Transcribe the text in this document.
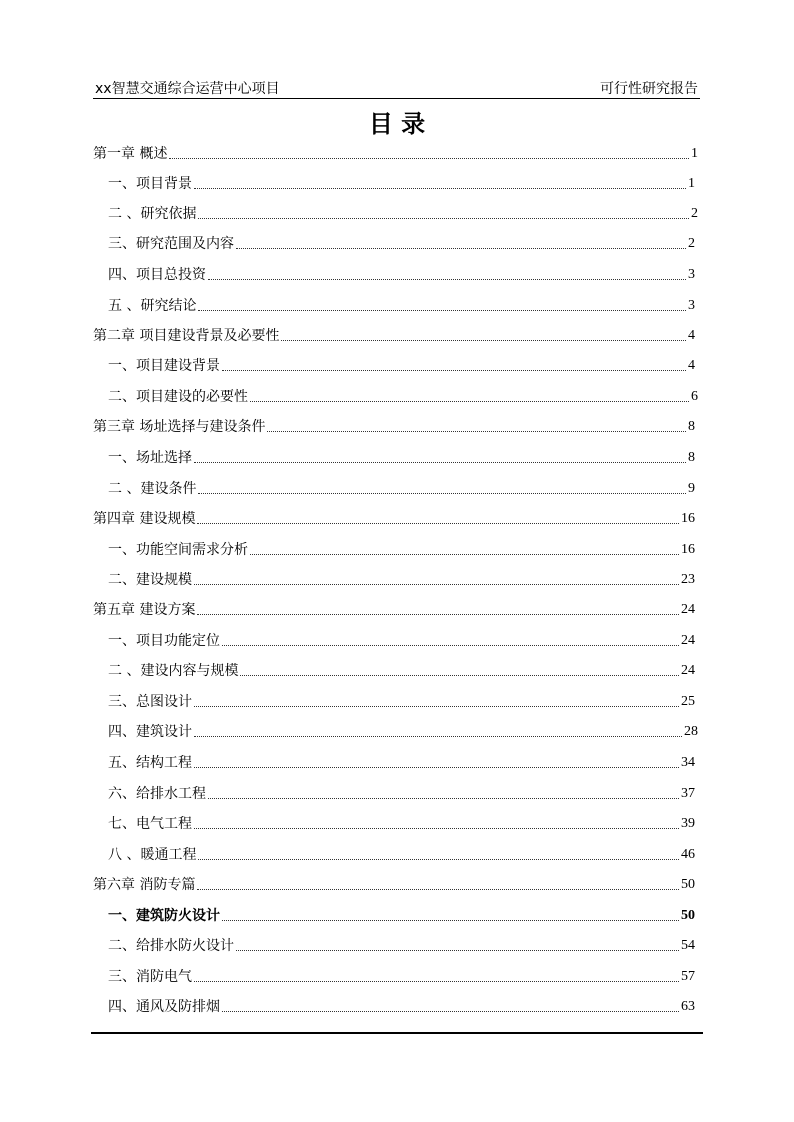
xx智慧交通综合运营中心项目	可行性研究报告
目 录
第一章 概述	1
一、项目背景	1
二 、研究依据	2
三、研究范围及内容	2
四、项目总投资	3
五 、研究结论	3
第二章 项目建设背景及必要性	4
一、项目建设背景	4
二、项目建设的必要性	6
第三章 场址选择与建设条件	8
一、场址选择	8
二 、建设条件	9
第四章 建设规模	16
一、功能空间需求分析	16
二、建设规模	23
第五章 建设方案	24
一、项目功能定位	24
二 、建设内容与规模	24
三、总图设计	25
四、建筑设计	28
五、结构工程	34
六、给排水工程	37
七、电气工程	39
八 、暖通工程	46
第六章 消防专篇	50
一、建筑防火设计	50
二、给排水防火设计	54
三、消防电气	57
四、通风及防排烟	63
